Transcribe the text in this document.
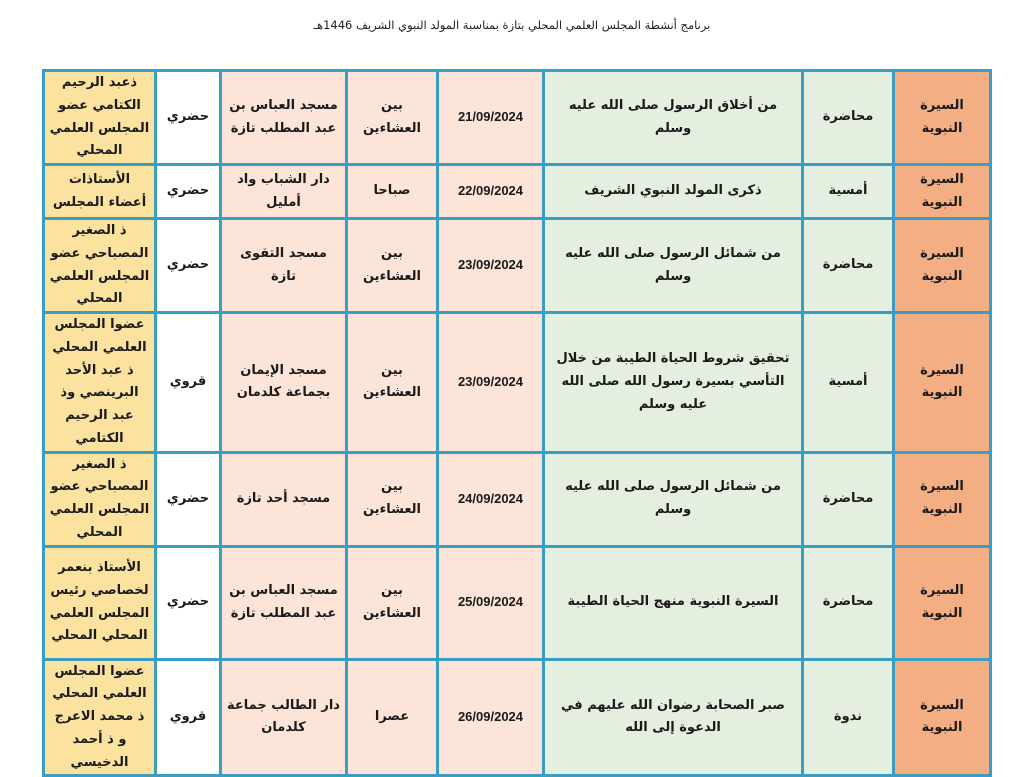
برنامج أنشطة المجلس العلمي المحلي بتازة بمناسبة المولد النبوي الشريف 1446هـ
السيرة النبوية	محاضرة	من أخلاق الرسول صلى الله عليه وسلم	21/09/2024	بين العشاءين	مسجد العباس بن عبد المطلب تازة	حضري	ذعبد الرحيم الكتامي عضو المجلس العلمي المحلي
السيرة النبوية	أمسية	ذكرى المولد النبوي الشريف	22/09/2024	صباحا	دار الشباب واد أمليل	حضري	الأستاذات أعضاء المجلس
السيرة النبوية	محاضرة	من شمائل الرسول صلى الله عليه وسلم	23/09/2024	بين العشاءين	مسجد التقوى تازة	حضري	ذ الصغير المصباحي عضو المجلس العلمي المحلي
السيرة النبوية	أمسية	تحقيق شروط الحياة الطيبة من خلال التأسي بسيرة رسول الله صلى الله عليه وسلم	23/09/2024	بين العشاءين	مسجد الإيمان بجماعة كلدمان	قروي	عضوا المجلس العلمي المحلي ذ عبد الأحد البرينصي وذ عبد الرحيم الكتامي
السيرة النبوية	محاضرة	من شمائل الرسول صلى الله عليه وسلم	24/09/2024	بين العشاءين	مسجد أحد تازة	حضري	ذ الصغير المصباحي عضو المجلس العلمي المحلي
السيرة النبوية	محاضرة	السيرة النبوية منهج الحياة الطيبة	25/09/2024	بين العشاءين	مسجد العباس بن عبد المطلب تازة	حضري	الأستاذ بنعمر لخصاصي رئيس المجلس العلمي المحلي المحلي
السيرة النبوية	ندوة	صبر الصحابة رضوان الله عليهم في الدعوة إلى الله	26/09/2024	عصرا	دار الطالب جماعة كلدمان	قروي	عضوا المجلس العلمي المحلي ذ محمد الاعرج و ذ أحمد الدخيسي
